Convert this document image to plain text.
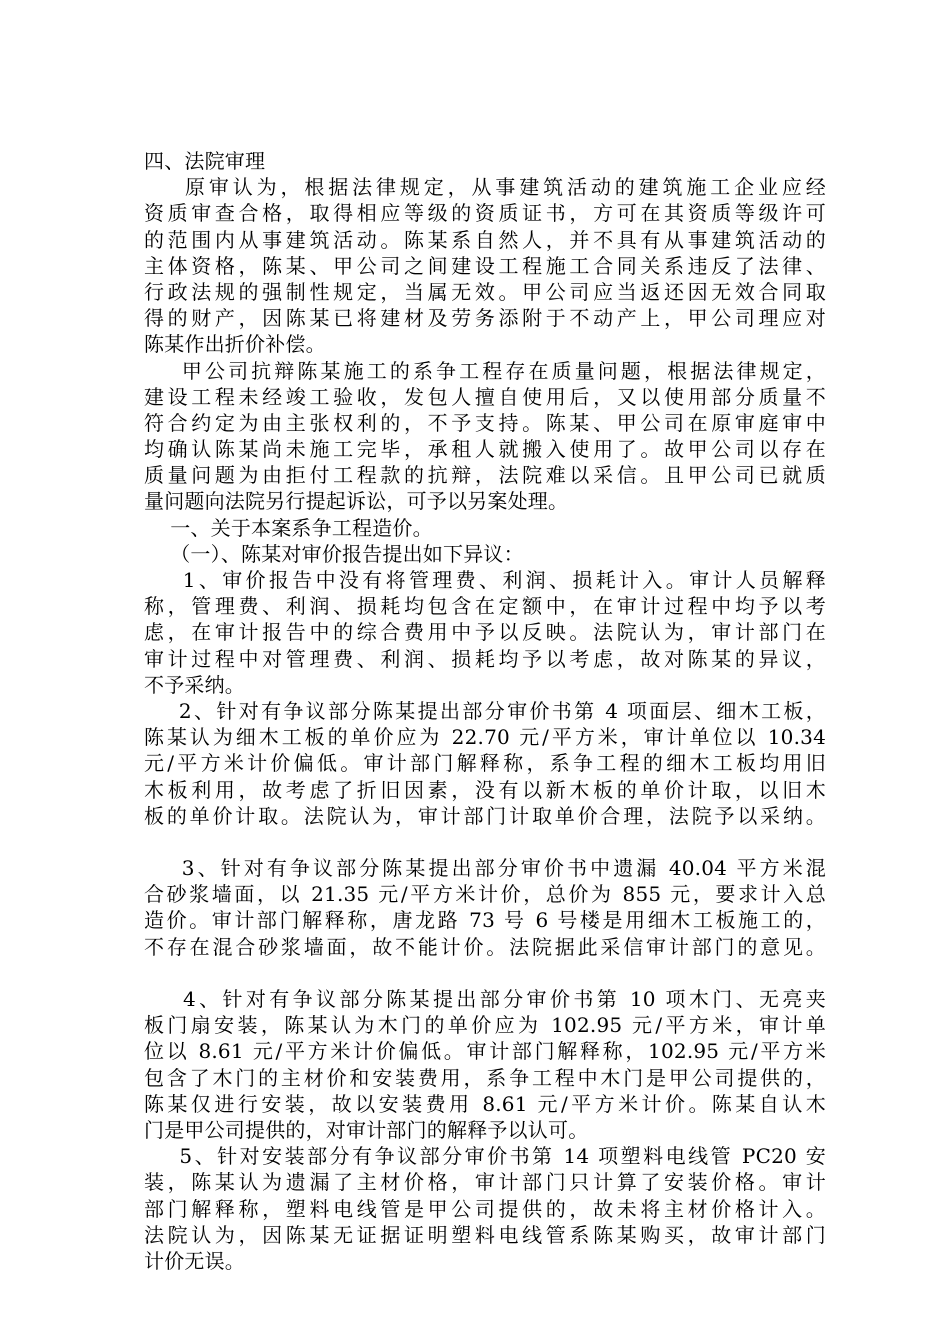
四、法院审理
原审认为，根据法律规定，从事建筑活动的建筑施工企业应经
资质审查合格，取得相应等级的资质证书，方可在其资质等级许可
的范围内从事建筑活动。陈某系自然人，并不具有从事建筑活动的
主体资格，陈某、甲公司之间建设工程施工合同关系违反了法律、
行政法规的强制性规定，当属无效。甲公司应当返还因无效合同取
得的财产，因陈某已将建材及劳务添附于不动产上，甲公司理应对
陈某作出折价补偿。
甲公司抗辩陈某施工的系争工程存在质量问题，根据法律规定，
建设工程未经竣工验收，发包人擅自使用后，又以使用部分质量不
符合约定为由主张权利的，不予支持。陈某、甲公司在原审庭审中
均确认陈某尚未施工完毕，承租人就搬入使用了。故甲公司以存在
质量问题为由拒付工程款的抗辩，法院难以采信。且甲公司已就质
量问题向法院另行提起诉讼，可予以另案处理。
一、关于本案系争工程造价。
（一）、陈某对审价报告提出如下异议：
1、审价报告中没有将管理费、利润、损耗计入。审计人员解释
称，管理费、利润、损耗均包含在定额中，在审计过程中均予以考
虑，在审计报告中的综合费用中予以反映。法院认为，审计部门在
审计过程中对管理费、利润、损耗均予以考虑，故对陈某的异议，
不予采纳。
2、针对有争议部分陈某提出部分审价书第 4 项面层、细木工板，
陈某认为细木工板的单价应为 22.70 元/平方米，审计单位以 10.34
元/平方米计价偏低。审计部门解释称，系争工程的细木工板均用旧
木板利用，故考虑了折旧因素，没有以新木板的单价计取，以旧木
板的单价计取。法院认为，审计部门计取单价合理，法院予以采纳。
3、针对有争议部分陈某提出部分审价书中遗漏 40.04 平方米混
合砂浆墙面，以 21.35 元/平方米计价，总价为 855 元，要求计入总
造价。审计部门解释称，唐龙路 73 号 6 号楼是用细木工板施工的，
不存在混合砂浆墙面，故不能计价。法院据此采信审计部门的意见。
4、针对有争议部分陈某提出部分审价书第 10 项木门、无亮夹
板门扇安装，陈某认为木门的单价应为 102.95 元/平方米，审计单
位以 8.61 元/平方米计价偏低。审计部门解释称，102.95 元/平方米
包含了木门的主材价和安装费用，系争工程中木门是甲公司提供的，
陈某仅进行安装，故以安装费用 8.61 元/平方米计价。陈某自认木
门是甲公司提供的，对审计部门的解释予以认可。
5、针对安装部分有争议部分审价书第 14 项塑料电线管 PC20 安
装，陈某认为遗漏了主材价格，审计部门只计算了安装价格。审计
部门解释称，塑料电线管是甲公司提供的，故未将主材价格计入。
法院认为，因陈某无证据证明塑料电线管系陈某购买，故审计部门
计价无误。
